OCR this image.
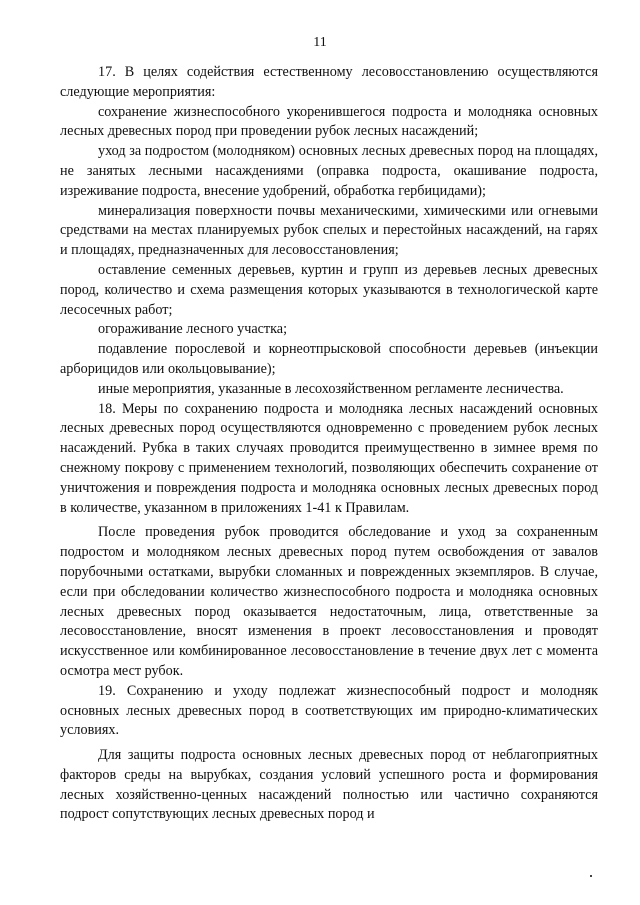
11

17. В целях содействия естественному лесовосстановлению осуществляются следующие мероприятия:

сохранение жизнеспособного укоренившегося подроста и молодняка основных лесных древесных пород при проведении рубок лесных насаждений;

уход за подростом (молодняком) основных лесных древесных пород на площадях, не занятых лесными насаждениями (оправка подроста, окашивание подроста, изреживание подроста, внесение удобрений, обработка гербицидами);

минерализация поверхности почвы механическими, химическими или огневыми средствами на местах планируемых рубок спелых и перестойных насаждений, на гарях и площадях, предназначенных для лесовосстановления;

оставление семенных деревьев, куртин и групп из деревьев лесных древесных пород, количество и схема размещения которых указываются в технологической карте лесосечных работ;

огораживание лесного участка;

подавление порослевой и корнеотпрысковой способности деревьев (инъекции арборицидов или окольцовывание);

иные мероприятия, указанные в лесохозяйственном регламенте лесничества.

18. Меры по сохранению подроста и молодняка лесных насаждений основных лесных древесных пород осуществляются одновременно с проведением рубок лесных насаждений. Рубка в таких случаях проводится преимущественно в зимнее время по снежному покрову с применением технологий, позволяющих обеспечить сохранение от уничтожения и повреждения подроста и молодняка основных лесных древесных пород в количестве, указанном в приложениях 1-41 к Правилам.

После проведения рубок проводится обследование и уход за сохраненным подростом и молодняком лесных древесных пород путем освобождения от завалов порубочными остатками, вырубки сломанных и поврежденных экземпляров. В случае, если при обследовании количество жизнеспособного подроста и молодняка основных лесных древесных пород оказывается недостаточным, лица, ответственные за лесовосстановление, вносят изменения в проект лесовосстановления и проводят искусственное или комбинированное лесовосстановление в течение двух лет с момента осмотра мест рубок.

19. Сохранению и уходу подлежат жизнеспособный подрост и молодняк основных лесных древесных пород в соответствующих им природно-климатических условиях.

Для защиты подроста основных лесных древесных пород от неблагоприятных факторов среды на вырубках, создания условий успешного роста и формирования лесных хозяйственно-ценных насаждений полностью или частично сохраняются подрост сопутствующих лесных древесных пород и
